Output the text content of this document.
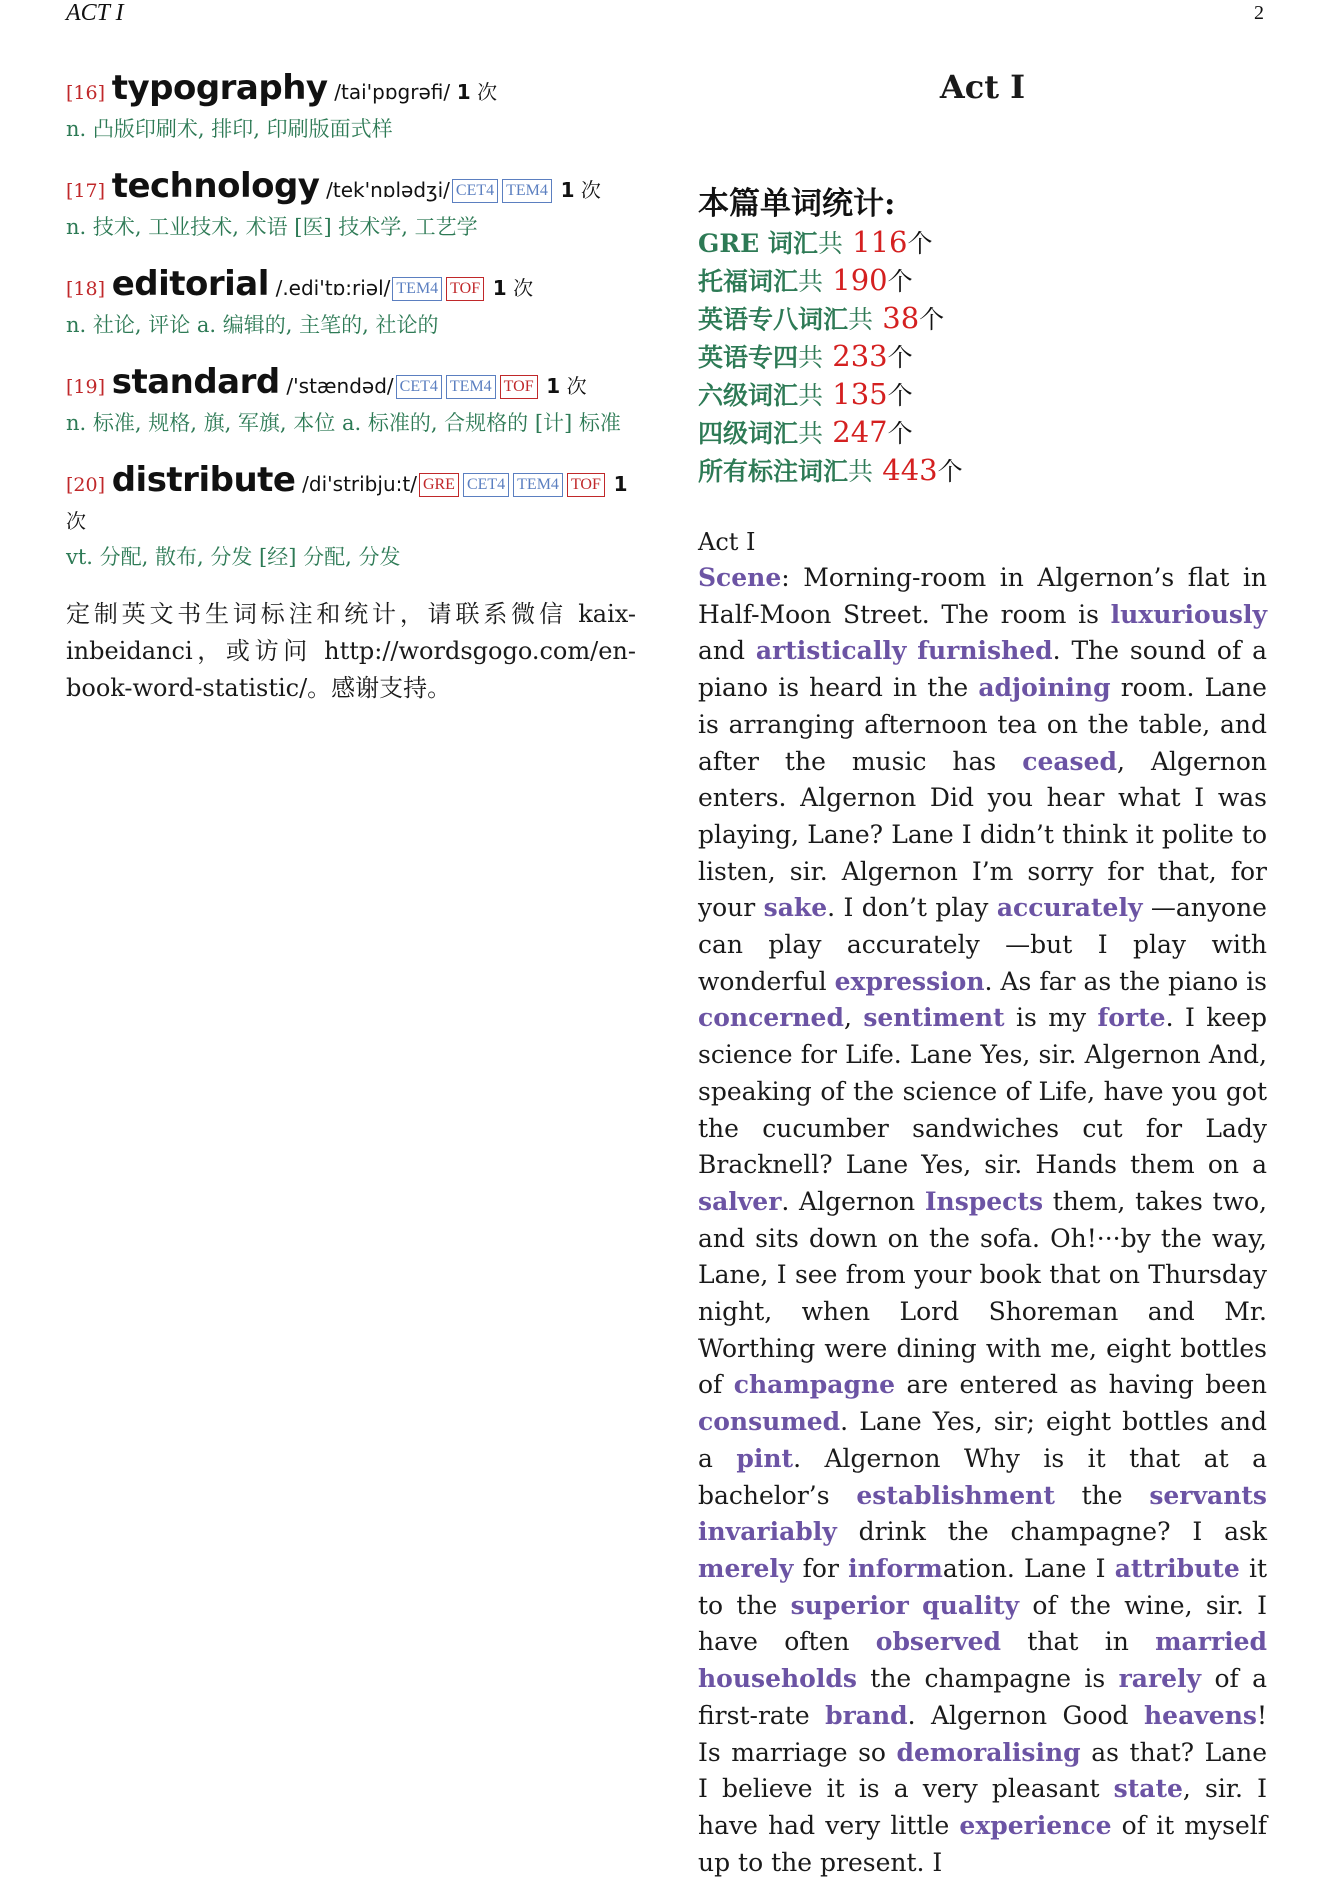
ACT I	2
[16] typography /tai'pɒgrəfi/ 1 次
n. 凸版印刷术, 排印, 印刷版面式样
[17] technology /tek'nɒlədʒi/ CET4 TEM4 1 次
n. 技术, 工业技术, 术语 [医] 技术学, 工艺学
[18] editorial /.edi'tɒ:riəl/ TEM4 TOF 1 次
n. 社论, 评论 a. 编辑的, 主笔的, 社论的
[19] standard /'stændəd/ CET4 TEM4 TOF 1 次
n. 标准, 规格, 旗, 军旗, 本位 a. 标准的, 合规格的 [计] 标准
[20] distribute /di'stribju:t/ GRE CET4 TEM4 TOF 1 次
vt. 分配, 散布, 分发 [经] 分配, 分发
定制英文书生词标注和统计，请联系微信 kaix-inbeidanci，或访问 http://wordsgogo.com/en-book-word-statistic/。感谢支持。
Act I
本篇单词统计:
GRE 词汇共 116个
托福词汇共 190个
英语专八词汇共 38个
英语专四共 233个
六级词汇共 135个
四级词汇共 247个
所有标注词汇共 443个
Act I

Scene: Morning-room in Algernon’s flat in Half-Moon Street. The room is luxuriously and artistically furnished. The sound of a piano is heard in the adjoining room. Lane is arranging afternoon tea on the table, and after the music has ceased, Algernon enters. Algernon Did you hear what I was playing, Lane? Lane I didn’t think it polite to listen, sir. Algernon I’m sorry for that, for your sake. I don’t play accurately —anyone can play accurately —but I play with wonderful expression. As far as the piano is concerned, sentiment is my forte. I keep science for Life. Lane Yes, sir. Algernon And, speaking of the science of Life, have you got the cucumber sandwiches cut for Lady Bracknell? Lane Yes, sir. Hands them on a salver. Algernon Inspects them, takes two, and sits down on the sofa. Oh!···by the way, Lane, I see from your book that on Thursday night, when Lord Shoreman and Mr. Worthing were dining with me, eight bottles of champagne are entered as having been consumed. Lane Yes, sir; eight bottles and a pint. Algernon Why is it that at a bachelor’s establishment the servants invariably drink the champagne? I ask merely for information. Lane I attribute it to the superior quality of the wine, sir. I have often observed that in married households the champagne is rarely of a first-rate brand. Algernon Good heavens! Is marriage so demoralising as that? Lane I believe it is a very pleasant state, sir. I have had very little experience of it myself up to the present. I
